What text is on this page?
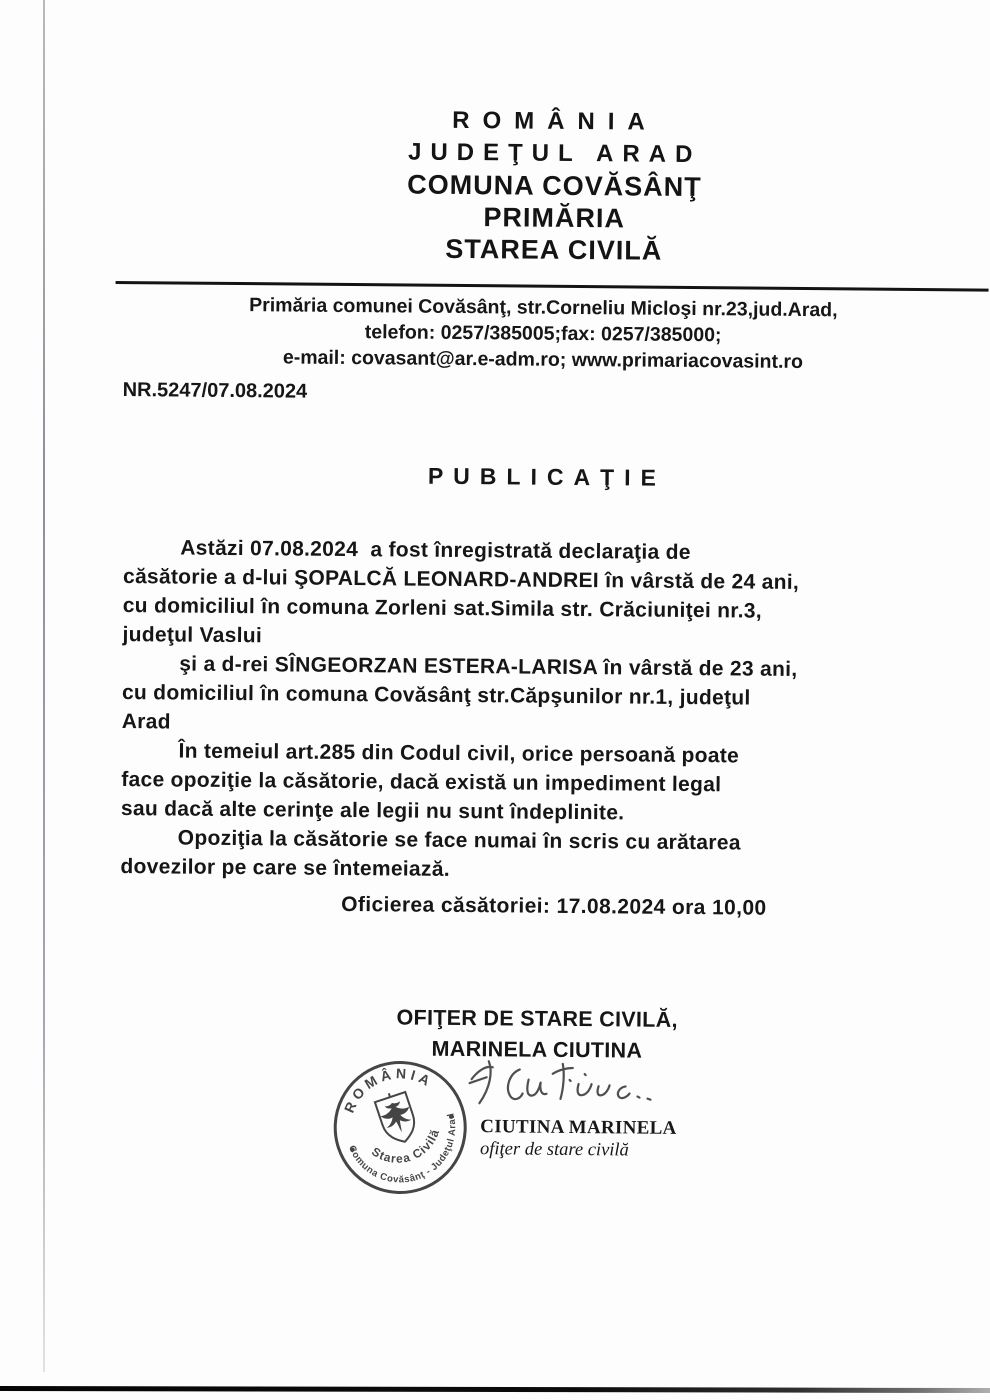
ROMÂNIA
JUDEŢUL ARAD
COMUNA COVĂSÂNŢ
PRIMĂRIA
STAREA CIVILĂ
Primăria comunei Covăsânţ, str.Corneliu Micloşi nr.23,jud.Arad,
telefon: 0257/385005;fax: 0257/385000;
e-mail: covasant@ar.e-adm.ro; www.primariacovasint.ro
NR.5247/07.08.2024
PUBLICAŢIE
Astăzi 07.08.2024  a fost înregistrată declaraţia de
căsătorie a d-lui ŞOPALCĂ LEONARD-ANDREI în vârstă de 24 ani,
cu domiciliul în comuna Zorleni sat.Simila str. Crăciuniţei nr.3,
judeţul Vaslui
şi a d-rei SÎNGEORZAN ESTERA-LARISA în vârstă de 23 ani,
cu domiciliul în comuna Covăsânţ str.Căpşunilor nr.1, judeţul
Arad
În temeiul art.285 din Codul civil, orice persoană poate
face opoziţie la căsătorie, dacă există un impediment legal
sau dacă alte cerinţe ale legii nu sunt îndeplinite.
Opoziţia la căsătorie se face numai în scris cu arătarea
dovezilor pe care se întemeiază.
Oficierea căsătoriei: 17.08.2024 ora 10,00
OFIŢER DE STARE CIVILĂ,
MARINELA CIUTINA
ROMÂNIA
Starea Civilă
Comuna Covăsânţ - Judeţul Arad
CIUTINA MARINELA
ofiţer de stare civilă
